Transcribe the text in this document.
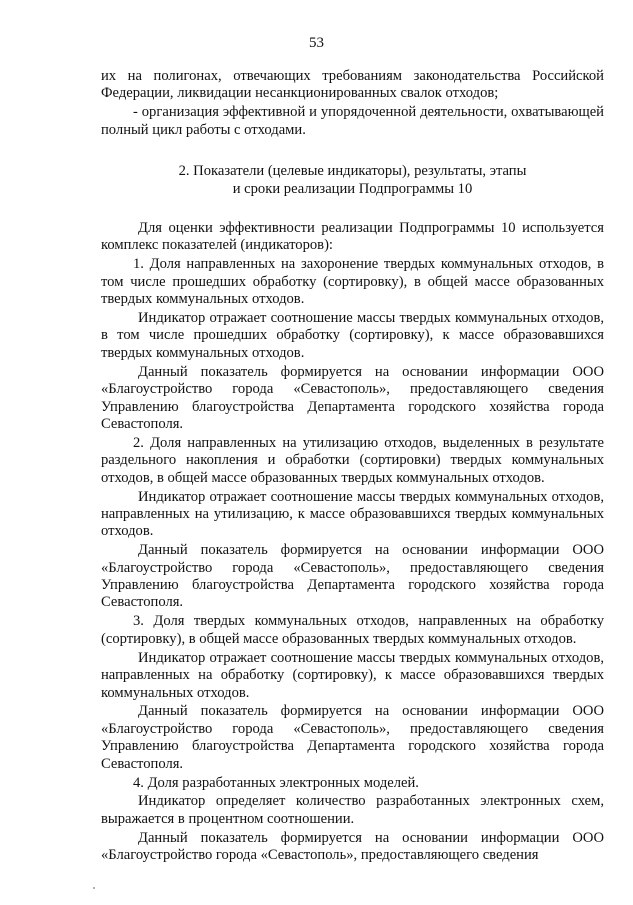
53

их на полигонах, отвечающих требованиям законодательства Российской Федерации, ликвидации несанкционированных свалок отходов;

- организация эффективной и упорядоченной деятельности, охватывающей полный цикл работы с отходами.

2. Показатели (целевые индикаторы), результаты, этапы
и сроки реализации Подпрограммы 10

Для оценки эффективности реализации Подпрограммы 10 используется комплекс показателей (индикаторов):

1. Доля направленных на захоронение твердых коммунальных отходов, в том числе прошедших обработку (сортировку), в общей массе образованных твердых коммунальных отходов.

Индикатор отражает соотношение массы твердых коммунальных отходов, в том числе прошедших обработку (сортировку), к массе образовавшихся твердых коммунальных отходов.

Данный показатель формируется на основании информации ООО «Благоустройство города «Севастополь», предоставляющего сведения Управлению благоустройства Департамента городского хозяйства города Севастополя.

2. Доля направленных на утилизацию отходов, выделенных в результате раздельного накопления и обработки (сортировки) твердых коммунальных отходов, в общей массе образованных твердых коммунальных отходов.

Индикатор отражает соотношение массы твердых коммунальных отходов, направленных на утилизацию, к массе образовавшихся твердых коммунальных отходов.

Данный показатель формируется на основании информации ООО «Благоустройство города «Севастополь», предоставляющего сведения Управлению благоустройства Департамента городского хозяйства города Севастополя.

3. Доля твердых коммунальных отходов, направленных на обработку (сортировку), в общей массе образованных твердых коммунальных отходов.

Индикатор отражает соотношение массы твердых коммунальных отходов, направленных на обработку (сортировку), к массе образовавшихся твердых коммунальных отходов.

Данный показатель формируется на основании информации ООО «Благоустройство города «Севастополь», предоставляющего сведения Управлению благоустройства Департамента городского хозяйства города Севастополя.

4. Доля разработанных электронных моделей.

Индикатор определяет количество разработанных электронных схем, выражается в процентном соотношении.

Данный показатель формируется на основании информации ООО «Благоустройство города «Севастополь», предоставляющего сведения
